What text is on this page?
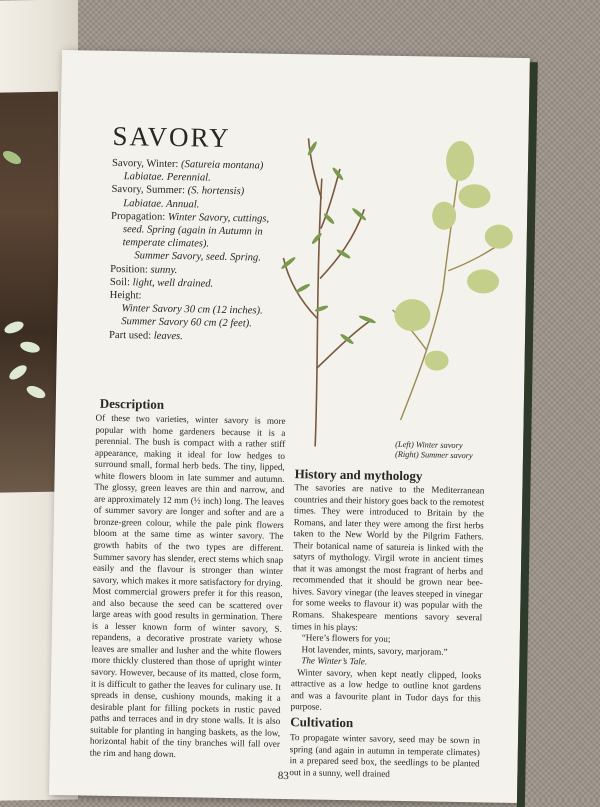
SAVORY
Savory, Winter: (Satureia montana)
Labiatae. Perennial.
Savory, Summer: (S. hortensis)
Labiatae. Annual.
Propagation: Winter Savory, cuttings,
seed. Spring (again in Autumn in
temperate climates).
Summer Savory, seed. Spring.
Position: sunny.
Soil: light, well drained.
Height:
Winter Savory 30 cm (12 inches).
Summer Savory 60 cm (2 feet).
Part used: leaves.
(Left) Winter savory
(Right) Summer savory
Description
Of these two varieties, winter savory is more popular with home gardeners because it is a perennial. The bush is compact with a rather stiff appearance, making it ideal for low hedges to surround small, formal herb beds. The tiny, lipped, white flowers bloom in late summer and autumn. The glossy, green leaves are thin and narrow, and are approximately 12 mm (½ inch) long. The leaves of summer savory are longer and softer and are a bronze-green colour, while the pale pink flowers bloom at the same time as winter savory. The growth habits of the two types are different. Summer savory has slender, erect stems which snap easily and the flavour is stronger than winter savory, which makes it more satisfactory for drying. Most commercial growers prefer it for this reason, and also because the seed can be scattered over large areas with good results in germination. There is a lesser known form of winter savory, S. repandens, a decorative prostrate variety whose leaves are smaller and lusher and the white flowers more thickly clustered than those of upright winter savory. However, because of its matted, close form, it is difficult to gather the leaves for culinary use. It spreads in dense, cushiony mounds, making it a desirable plant for filling pockets in rustic paved paths and terraces and in dry stone walls. It is also suitable for planting in hanging baskets, as the low, horizontal habit of the tiny branches will fall over the rim and hang down.
History and mythology
The savories are native to the Mediterranean countries and their history goes back to the remotest times. They were introduced to Britain by the Romans, and later they were among the first herbs taken to the New World by the Pilgrim Fathers. Their botanical name of satureia is linked with the satyrs of mythology. Virgil wrote in ancient times that it was amongst the most fragrant of herbs and recommended that it should be grown near bee-hives. Savory vinegar (the leaves steeped in vinegar for some weeks to flavour it) was popular with the Romans. Shakespeare mentions savory several times in his plays:
“Here’s flowers for you;
Hot lavender, mints, savory, marjoram.”
The Winter’s Tale.
Winter savory, when kept neatly clipped, looks attractive as a low hedge to outline knot gardens and was a favourite plant in Tudor days for this purpose.
Cultivation
To propagate winter savory, seed may be sown in spring (and again in autumn in temperate climates) in a prepared seed box, the seedlings to be planted out in a sunny, well drained
83
